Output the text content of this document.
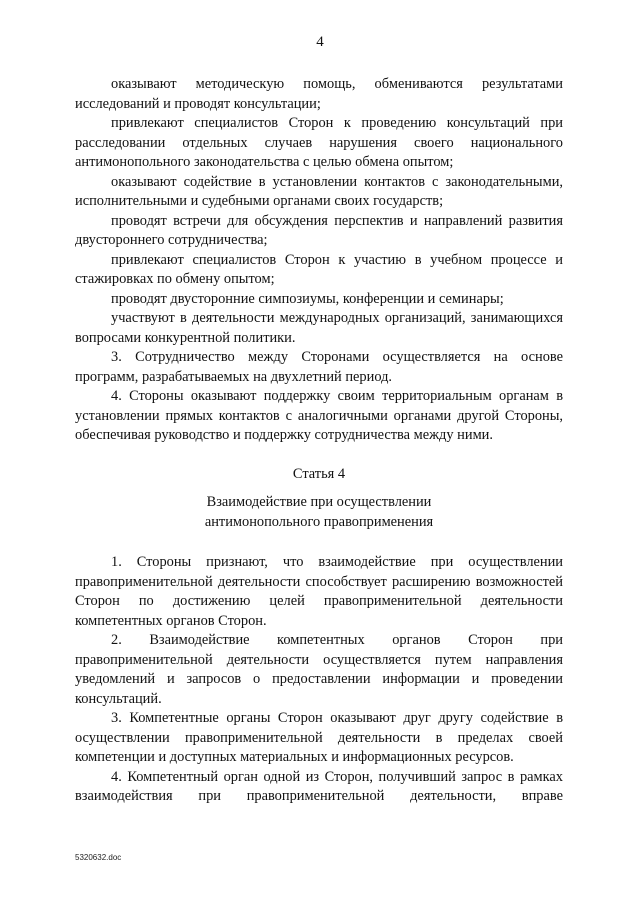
4

оказывают методическую помощь, обмениваются результатами исследований и проводят консультации;

привлекают специалистов Сторон к проведению консультаций при расследовании отдельных случаев нарушения своего национального антимонопольного законодательства с целью обмена опытом;

оказывают содействие в установлении контактов с законодательными, исполнительными и судебными органами своих государств;

проводят встречи для обсуждения перспектив и направлений развития двустороннего сотрудничества;

привлекают специалистов Сторон к участию в учебном процессе и стажировках по обмену опытом;

проводят двусторонние симпозиумы, конференции и семинары;

участвуют в деятельности международных организаций, занимающихся вопросами конкурентной политики.

3. Сотрудничество между Сторонами осуществляется на основе программ, разрабатываемых на двухлетний период.

4. Стороны оказывают поддержку своим территориальным органам в установлении прямых контактов с аналогичными органами другой Стороны, обеспечивая руководство и поддержку сотрудничества между ними.

Статья 4

Взаимодействие при осуществлении
антимонопольного правоприменения

1. Стороны признают, что взаимодействие при осуществлении правоприменительной деятельности способствует расширению возможностей Сторон по достижению целей правоприменительной деятельности компетентных органов Сторон.

2. Взаимодействие компетентных органов Сторон при правоприменительной деятельности осуществляется путем направления уведомлений и запросов о предоставлении информации и проведении консультаций.

3. Компетентные органы Сторон оказывают друг другу содействие в осуществлении правоприменительной деятельности в пределах своей компетенции и доступных материальных и информационных ресурсов.

4. Компетентный орган одной из Сторон, получивший запрос в рамках взаимодействия при правоприменительной деятельности, вправе

5320632.doc
